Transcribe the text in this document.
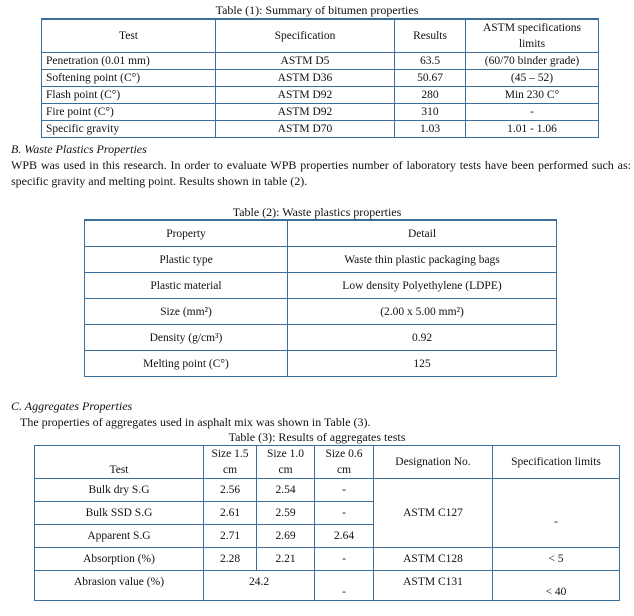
Table (1): Summary of bitumen properties
Test	Specification	Results	ASTM specifications limits
Penetration (0.01 mm)	ASTM D5	63.5	(60/70 binder grade)
Softening point (C°)	ASTM D36	50.67	(45 – 52)
Flash point (C°)	ASTM D92	280	Min 230 C°
Fire point (C°)	ASTM D92	310	-
Specific gravity	ASTM D70	1.03	1.01 - 1.06
B. Waste Plastics Properties
WPB was used in this research. In order to evaluate WPB properties number of laboratory tests have been performed such as: specific gravity and melting point. Results shown in table (2).
Table (2): Waste plastics properties
Property	Detail
Plastic type	Waste thin plastic packaging bags
Plastic material	Low density Polyethylene (LDPE)
Size (mm²)	(2.00 x 5.00 mm²)
Density (g/cm³)	0.92
Melting point (C°)	125
C. Aggregates Properties
The properties of aggregates used in asphalt mix was shown in Table (3).
Table (3): Results of aggregates tests
Test	Size 1.5 cm	Size 1.0 cm	Size 0.6 cm	Designation No.	Specification limits
Bulk dry S.G	2.56	2.54	-	ASTM C127	-
Bulk SSD S.G	2.61	2.59	-		
Apparent S.G	2.71	2.69	2.64		
Absorption (%)	2.28	2.21	-	ASTM C128	< 5
Abrasion value (%)	24.2		-	ASTM C131	< 40
